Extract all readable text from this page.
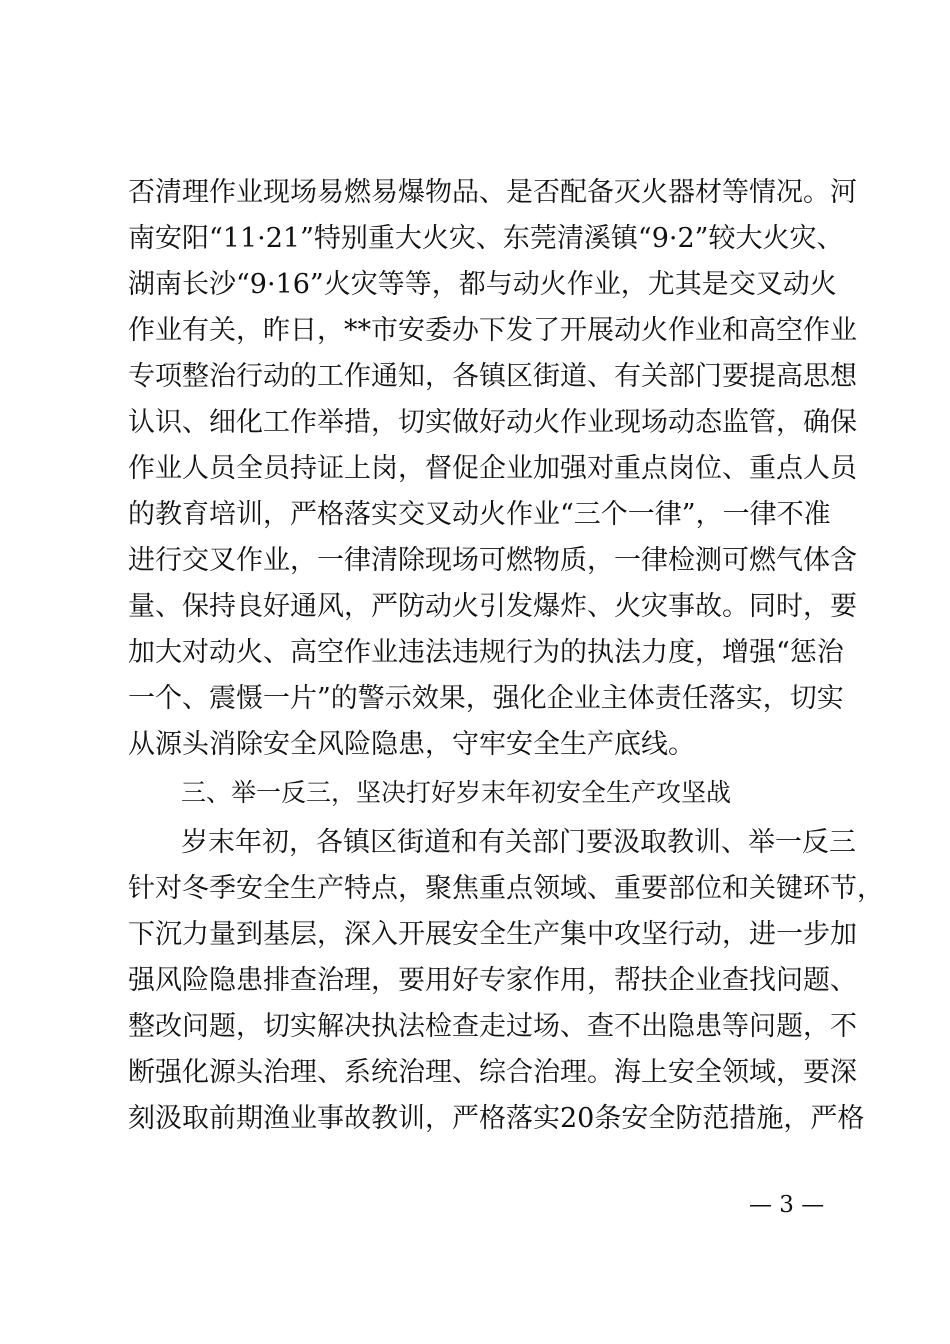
否清理作业现场易燃易爆物品、是否配备灭火器材等情况。河
南安阳“11·21”特别重大火灾、东莞清溪镇“9·2”较大火灾、
湖南长沙“9·16”火灾等等，都与动火作业，尤其是交叉动火
作业有关，昨日，**市安委办下发了开展动火作业和高空作业
专项整治行动的工作通知，各镇区街道、有关部门要提高思想
认识、细化工作举措，切实做好动火作业现场动态监管，确保
作业人员全员持证上岗，督促企业加强对重点岗位、重点人员
的教育培训，严格落实交叉动火作业“三个一律”，一律不准
进行交叉作业，一律清除现场可燃物质，一律检测可燃气体含
量、保持良好通风，严防动火引发爆炸、火灾事故。同时，要
加大对动火、高空作业违法违规行为的执法力度，增强“惩治
一个、震慑一片”的警示效果，强化企业主体责任落实，切实
三、举一反三，坚决打好岁末年初安全生产攻坚战
岁末年初，各镇区街道和有关部门要汲取教训、举一反三
针对冬季安全生产特点，聚焦重点领域、重要部位和关键环节，
下沉力量到基层，深入开展安全生产集中攻坚行动，进一步加
强风险隐患排查治理，要用好专家作用，帮扶企业查找问题、
整改问题，切实解决执法检查走过场、查不出隐患等问题，不
断强化源头治理、系统治理、综合治理。海上安全领域，要深
刻汲取前期渔业事故教训，严格落实20条安全防范措施，严格
— 3 —
从源头消除安全风险隐患，守牢安全生产底线。
